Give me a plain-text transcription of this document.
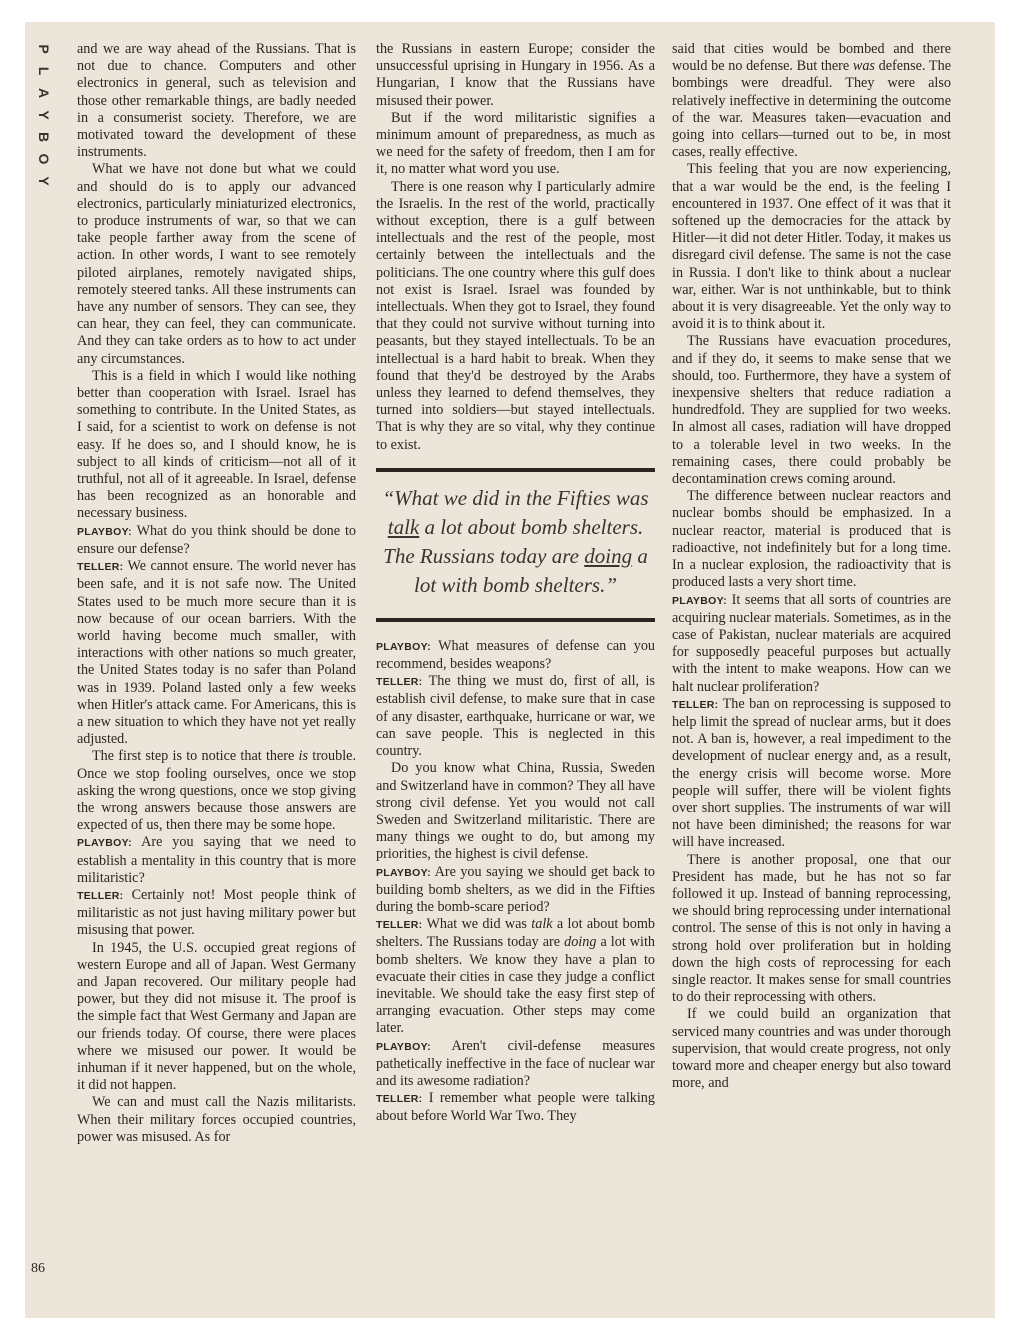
P
L
A
Y
B
O
Y
86

and we are way ahead of the Russians. That is not due to chance. Computers and other electronics in general, such as television and those other remarkable things, are badly needed in a consumerist society. Therefore, we are motivated toward the development of these instruments.

What we have not done but what we could and should do is to apply our advanced electronics, particularly miniaturized electronics, to produce instruments of war, so that we can take people farther away from the scene of action. In other words, I want to see remotely piloted airplanes, remotely navigated ships, remotely steered tanks. All these instruments can have any number of sensors. They can see, they can hear, they can feel, they can communicate. And they can take orders as to how to act under any circumstances.

This is a field in which I would like nothing better than cooperation with Israel. Israel has something to contribute. In the United States, as I said, for a scientist to work on defense is not easy. If he does so, and I should know, he is subject to all kinds of criticism—not all of it truthful, not all of it agreeable. In Israel, defense has been recognized as an honorable and necessary business.

PLAYBOY: What do you think should be done to ensure our defense?

TELLER: We cannot ensure. The world never has been safe, and it is not safe now. The United States used to be much more secure than it is now because of our ocean barriers. With the world having become much smaller, with interactions with other nations so much greater, the United States today is no safer than Poland was in 1939. Poland lasted only a few weeks when Hitler's attack came. For Americans, this is a new situation to which they have not yet really adjusted.

The first step is to notice that there is trouble. Once we stop fooling ourselves, once we stop asking the wrong questions, once we stop giving the wrong answers because those answers are expected of us, then there may be some hope.

PLAYBOY: Are you saying that we need to establish a mentality in this country that is more militaristic?

TELLER: Certainly not! Most people think of militaristic as not just having military power but misusing that power.

In 1945, the U.S. occupied great regions of western Europe and all of Japan. West Germany and Japan recovered. Our military people had power, but they did not misuse it. The proof is the simple fact that West Germany and Japan are our friends today. Of course, there were places where we misused our power. It would be inhuman if it never happened, but on the whole, it did not happen.

We can and must call the Nazis militarists. When their military forces occupied countries, power was misused. As for

the Russians in eastern Europe; consider the unsuccessful uprising in Hungary in 1956. As a Hungarian, I know that the Russians have misused their power.

But if the word militaristic signifies a minimum amount of preparedness, as much as we need for the safety of freedom, then I am for it, no matter what word you use.

There is one reason why I particularly admire the Israelis. In the rest of the world, practically without exception, there is a gulf between intellectuals and the rest of the people, most certainly between the intellectuals and the politicians. The one country where this gulf does not exist is Israel. Israel was founded by intellectuals. When they got to Israel, they found that they could not survive without turning into peasants, but they stayed intellectuals. To be an intellectual is a hard habit to break. When they found that they'd be destroyed by the Arabs unless they learned to defend themselves, they turned into soldiers—but stayed intellectuals. That is why they are so vital, why they continue to exist.

“What we did in the Fifties was talk a lot about bomb shelters. The Russians today are doing a lot with bomb shelters.”

PLAYBOY: What measures of defense can you recommend, besides weapons?

TELLER: The thing we must do, first of all, is establish civil defense, to make sure that in case of any disaster, earthquake, hurricane or war, we can save people. This is neglected in this country.

Do you know what China, Russia, Sweden and Switzerland have in common? They all have strong civil defense. Yet you would not call Sweden and Switzerland militaristic. There are many things we ought to do, but among my priorities, the highest is civil defense.

PLAYBOY: Are you saying we should get back to building bomb shelters, as we did in the Fifties during the bomb-scare period?

TELLER: What we did was talk a lot about bomb shelters. The Russians today are doing a lot with bomb shelters. We know they have a plan to evacuate their cities in case they judge a conflict inevitable. We should take the easy first step of arranging evacuation. Other steps may come later.

PLAYBOY: Aren't civil-defense measures pathetically ineffective in the face of nuclear war and its awesome radiation?

TELLER: I remember what people were talking about before World War Two. They

said that cities would be bombed and there would be no defense. But there was defense. The bombings were dreadful. They were also relatively ineffective in determining the outcome of the war. Measures taken—evacuation and going into cellars—turned out to be, in most cases, really effective.

This feeling that you are now experiencing, that a war would be the end, is the feeling I encountered in 1937. One effect of it was that it softened up the democracies for the attack by Hitler—it did not deter Hitler. Today, it makes us disregard civil defense. The same is not the case in Russia. I don't like to think about a nuclear war, either. War is not unthinkable, but to think about it is very disagreeable. Yet the only way to avoid it is to think about it.

The Russians have evacuation procedures, and if they do, it seems to make sense that we should, too. Furthermore, they have a system of inexpensive shelters that reduce radiation a hundredfold. They are supplied for two weeks. In almost all cases, radiation will have dropped to a tolerable level in two weeks. In the remaining cases, there could probably be decontamination crews coming around.

The difference between nuclear reactors and nuclear bombs should be emphasized. In a nuclear reactor, material is produced that is radioactive, not indefinitely but for a long time. In a nuclear explosion, the radioactivity that is produced lasts a very short time.

PLAYBOY: It seems that all sorts of countries are acquiring nuclear materials. Sometimes, as in the case of Pakistan, nuclear materials are acquired for supposedly peaceful purposes but actually with the intent to make weapons. How can we halt nuclear proliferation?

TELLER: The ban on reprocessing is supposed to help limit the spread of nuclear arms, but it does not. A ban is, however, a real impediment to the development of nuclear energy and, as a result, the energy crisis will become worse. More people will suffer, there will be violent fights over short supplies. The instruments of war will not have been diminished; the reasons for war will have increased.

There is another proposal, one that our President has made, but he has not so far followed it up. Instead of banning reprocessing, we should bring reprocessing under international control. The sense of this is not only in having a strong hold over proliferation but in holding down the high costs of reprocessing for each single reactor. It makes sense for small countries to do their reprocessing with others.

If we could build an organization that serviced many countries and was under thorough supervision, that would create progress, not only toward more and cheaper energy but also toward more, and
